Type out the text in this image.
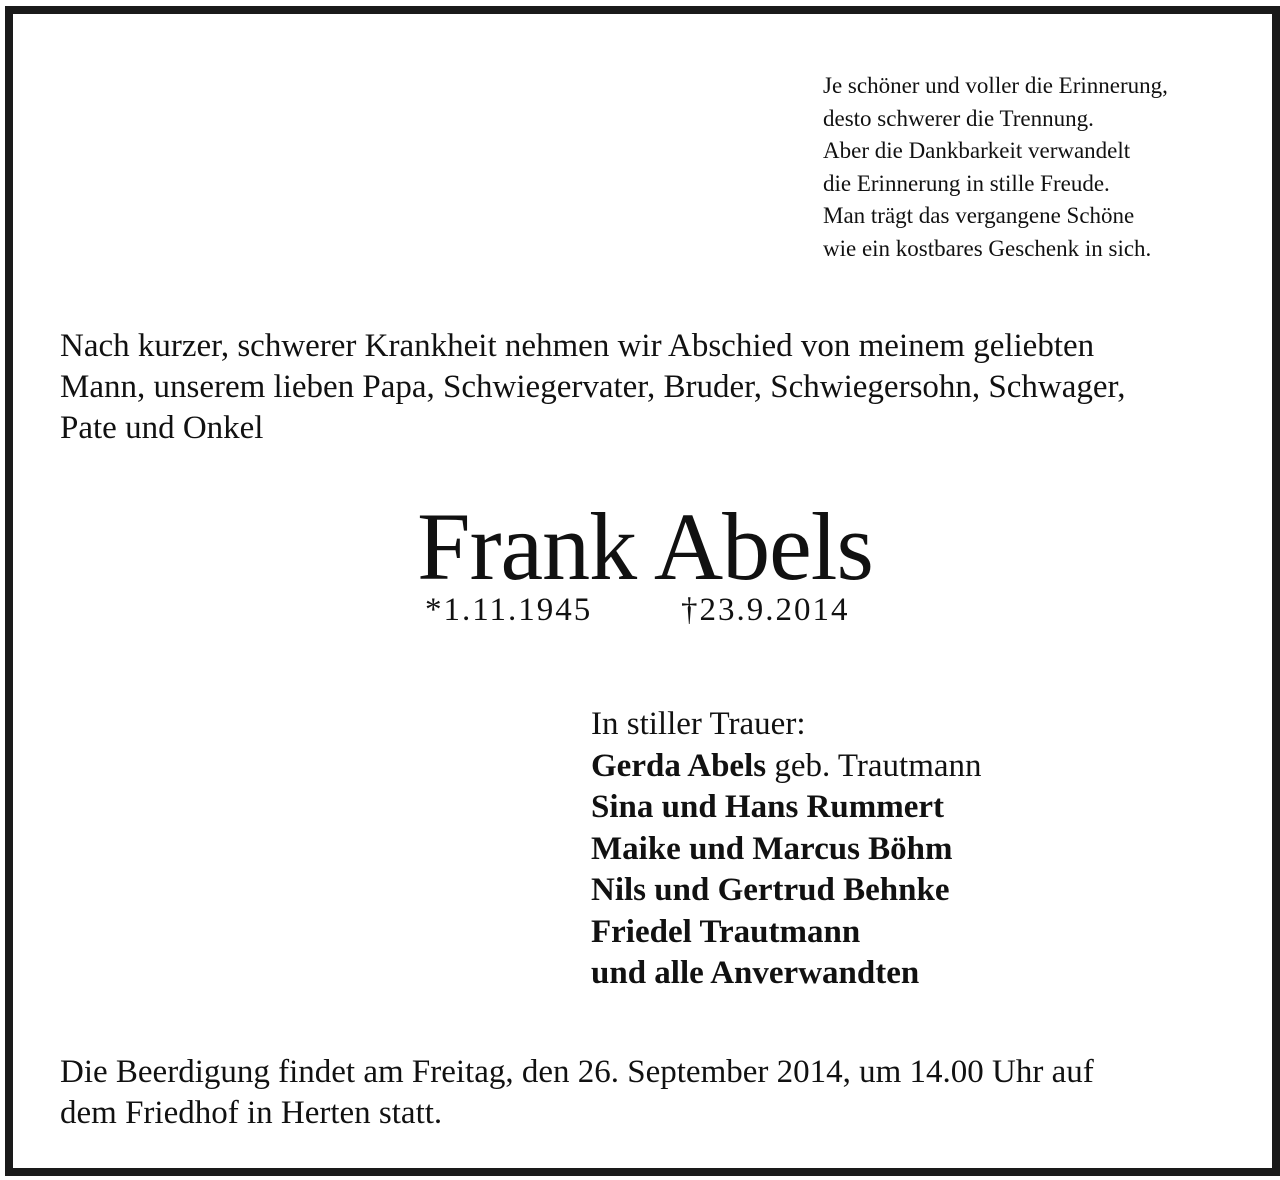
Je schöner und voller die Erinnerung,
desto schwerer die Trennung.
Aber die Dankbarkeit verwandelt
die Erinnerung in stille Freude.
Man trägt das vergangene Schöne
wie ein kostbares Geschenk in sich.
Nach kurzer, schwerer Krankheit nehmen wir Abschied von meinem geliebten
Mann, unserem lieben Papa, Schwiegervater, Bruder, Schwiegersohn, Schwager,
Pate und Onkel
Frank Abels
*1.11.1945	†23.9.2014
In stiller Trauer:
Gerda Abels geb. Trautmann
Sina und Hans Rummert
Maike und Marcus Böhm
Nils und Gertrud Behnke
Friedel Trautmann
und alle Anverwandten
Die Beerdigung findet am Freitag, den 26. September 2014, um 14.00 Uhr auf
dem Friedhof in Herten statt.
